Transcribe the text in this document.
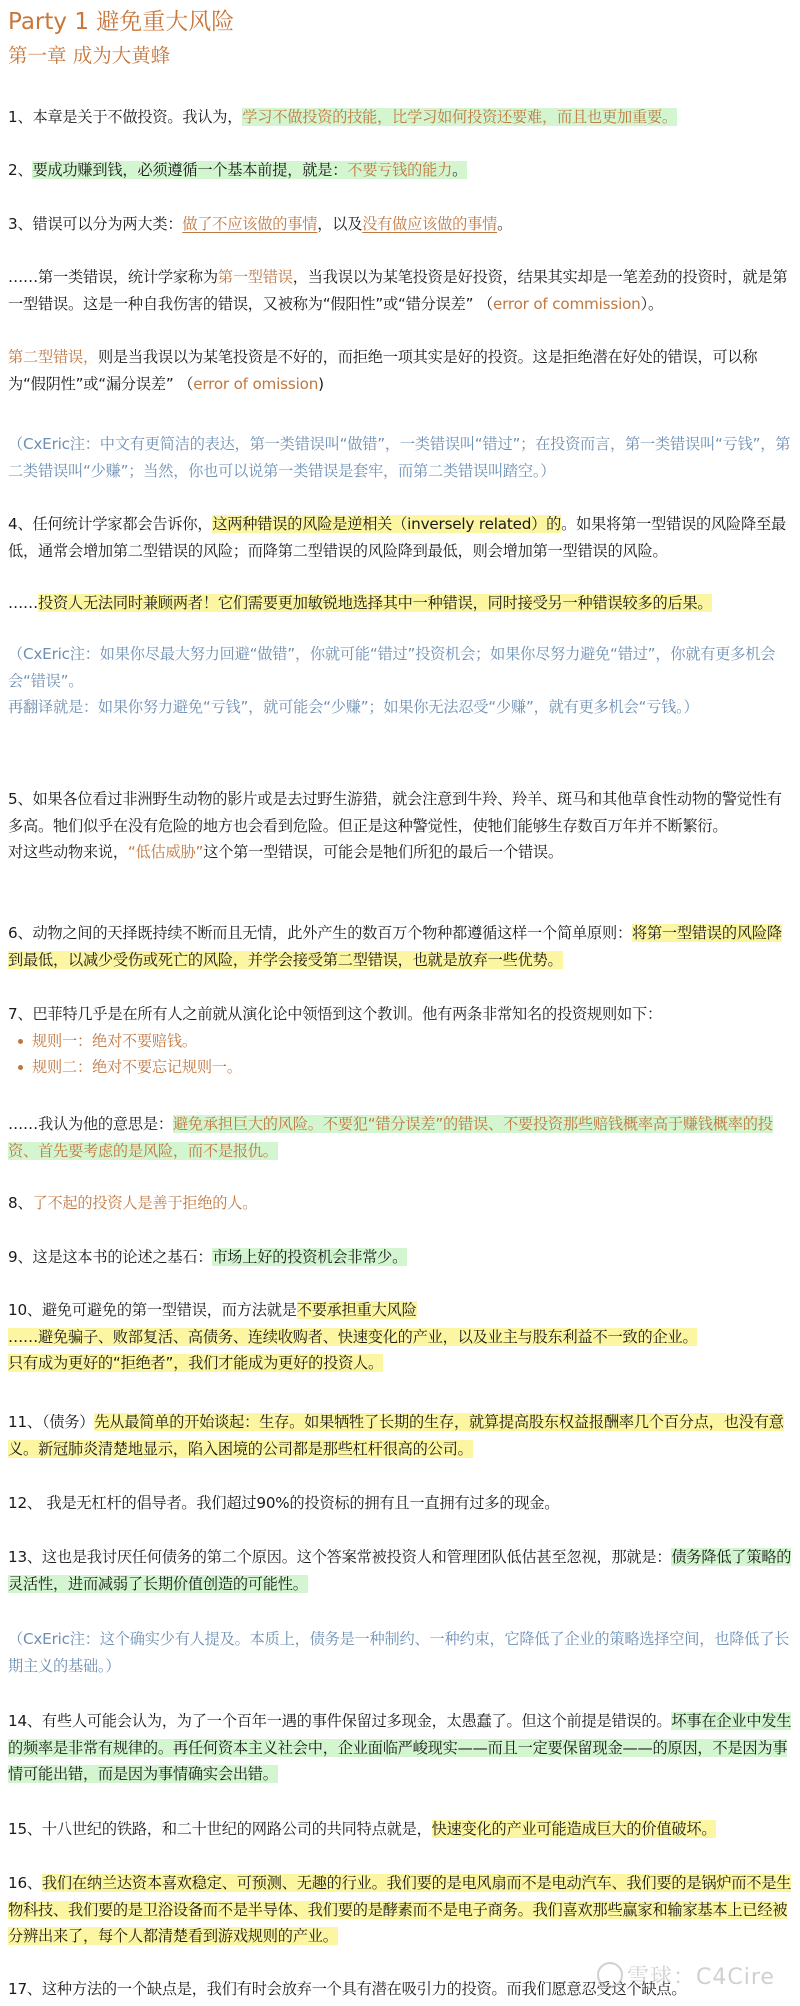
Party 1 避免重大风险
第一章 成为大黄蜂
1、本章是关于不做投资。我认为，学习不做投资的技能，比学习如何投资还要难，而且也更加重要。
2、要成功赚到钱，必须遵循一个基本前提，就是：不要亏钱的能力。
3、错误可以分为两大类：做了不应该做的事情，以及没有做应该做的事情。
……第一类错误，统计学家称为第一型错误，当我误以为某笔投资是好投资，结果其实却是一笔差劲的投资时，就是第一型错误。这是一种自我伤害的错误，又被称为“假阳性”或“错分误差” （error of commission）。
第二型错误，则是当我误以为某笔投资是不好的，而拒绝一项其实是好的投资。这是拒绝潜在好处的错误，可以称为“假阴性”或“漏分误差” （error of omission)
（CxEric注：中文有更简洁的表达，第一类错误叫“做错”，一类错误叫“错过”；在投资而言，第一类错误叫“亏钱”，第二类错误叫“少赚”；当然，你也可以说第一类错误是套牢，而第二类错误叫踏空。）
4、任何统计学家都会告诉你，这两种错误的风险是逆相关（inversely related）的。如果将第一型错误的风险降至最低，通常会增加第二型错误的风险；而降第二型错误的风险降到最低，则会增加第一型错误的风险。
……投资人无法同时兼顾两者！它们需要更加敏锐地选择其中一种错误，同时接受另一种错误较多的后果。
（CxEric注：如果你尽最大努力回避“做错”，你就可能“错过”投资机会；如果你尽努力避免“错过”，你就有更多机会会“错误”。
再翻译就是：如果你努力避免“亏钱”，就可能会“少赚”；如果你无法忍受“少赚”，就有更多机会“亏钱。）
5、如果各位看过非洲野生动物的影片或是去过野生游猎，就会注意到牛羚、羚羊、斑马和其他草食性动物的警觉性有多高。牠们似乎在没有危险的地方也会看到危险。但正是这种警觉性，使牠们能够生存数百万年并不断繁衍。
对这些动物来说，“低估威胁”这个第一型错误，可能会是牠们所犯的最后一个错误。
6、动物之间的天择既持续不断而且无情，此外产生的数百万个物种都遵循这样一个简单原则：将第一型错误的风险降到最低，以减少受伤或死亡的风险，并学会接受第二型错误，也就是放弃一些优势。
7、巴菲特几乎是在所有人之前就从演化论中领悟到这个教训。他有两条非常知名的投资规则如下：
规则一：绝对不要赔钱。
规则二：绝对不要忘记规则一。
……我认为他的意思是：避免承担巨大的风险。不要犯“错分误差”的错误、不要投资那些赔钱概率高于赚钱概率的投资、首先要考虑的是风险，而不是报仇。
8、了不起的投资人是善于拒绝的人。
9、这是这本书的论述之基石：市场上好的投资机会非常少。
10、避免可避免的第一型错误，而方法就是不要承担重大风险
……避免骗子、败部复活、高债务、连续收购者、快速变化的产业，以及业主与股东利益不一致的企业。
只有成为更好的“拒绝者”，我们才能成为更好的投资人。
11、（债务）先从最简单的开始谈起：生存。如果牺牲了长期的生存，就算提高股东权益报酬率几个百分点，也没有意义。新冠肺炎清楚地显示，陷入困境的公司都是那些杠杆很高的公司。
12、 我是无杠杆的倡导者。我们超过90%的投资标的拥有且一直拥有过多的现金。
13、这也是我讨厌任何债务的第二个原因。这个答案常被投资人和管理团队低估甚至忽视，那就是：债务降低了策略的灵活性，进而减弱了长期价值创造的可能性。
（CxEric注：这个确实少有人提及。本质上，债务是一种制约、一种约束，它降低了企业的策略选择空间，也降低了长期主义的基础。）
14、有些人可能会认为，为了一个百年一遇的事件保留过多现金，太愚蠢了。但这个前提是错误的。坏事在企业中发生的频率是非常有规律的。再任何资本主义社会中，企业面临严峻现实——而且一定要保留现金——的原因，不是因为事情可能出错，而是因为事情确实会出错。
15、十八世纪的铁路，和二十世纪的网路公司的共同特点就是，快速变化的产业可能造成巨大的价值破坏。
16、我们在纳兰达资本喜欢稳定、可预测、无趣的行业。我们要的是电风扇而不是电动汽车、我们要的是锅炉而不是生物科技、我们要的是卫浴设备而不是半导体、我们要的是酵素而不是电子商务。我们喜欢那些赢家和输家基本上已经被分辨出来了，每个人都清楚看到游戏规则的产业。
17、这种方法的一个缺点是，我们有时会放弃一个具有潜在吸引力的投资。而我们愿意忍受这个缺点。
雪球：C4Cire
